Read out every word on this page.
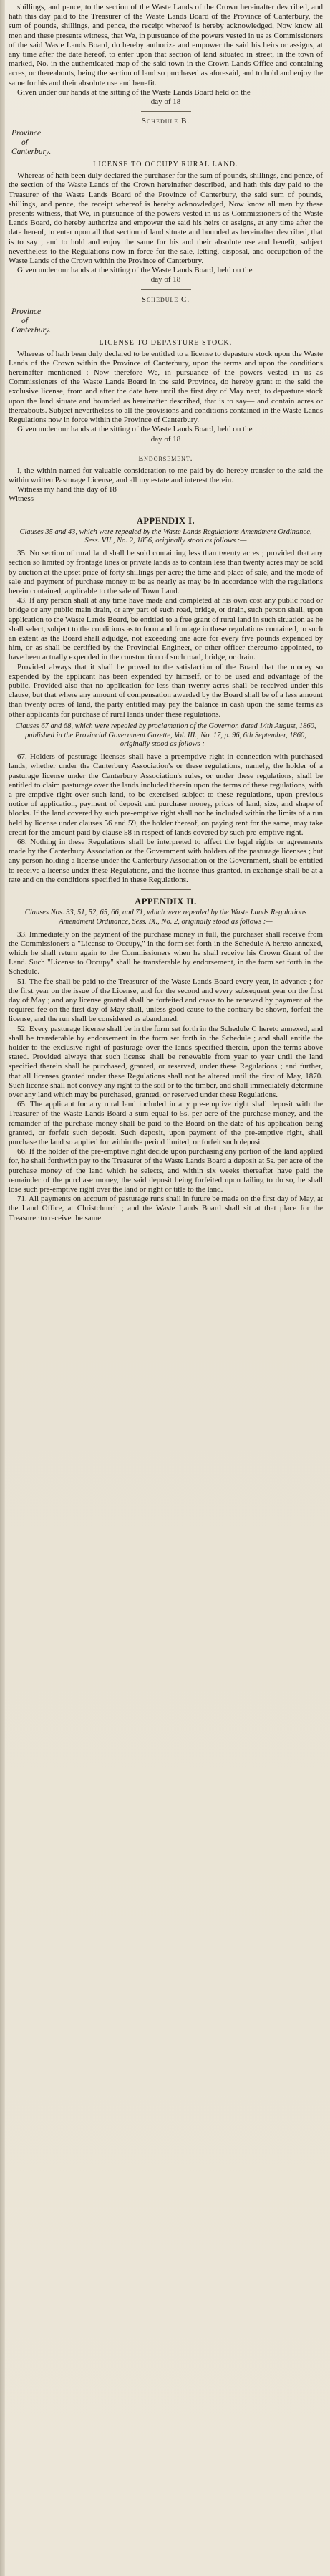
shillings, and pence, to the section of the Waste Lands of the Crown hereinafter described, and hath this day paid to the Treasurer of the Waste Lands Board of the Province of Canterbury, the sum of pounds, shillings, and pence, the receipt whereof is hereby acknowledged, Now know all men and these presents witness, that We, in pursuance of the powers vested in us as Commissioners of the said Waste Lands Board, do hereby authorize and empower the said his heirs or assigns, at any time after the date hereof, to enter upon that section of land situated in street, in the town of marked, No. in the authenticated map of the said town in the Crown Lands Office and containing acres, or thereabouts, being the section of land so purchased as aforesaid, and to hold and enjoy the same for his and their absolute use and benefit.

Given under our hands at the sitting of the Waste Lands Board held on the

day of 18

Schedule B.
Province
of
Canterbury.
LICENSE TO OCCUPY RURAL LAND.

Whereas of hath been duly declared the purchaser for the sum of pounds, shillings, and pence, of the section of the Waste Lands of the Crown hereinafter described, and hath this day paid to the Treasurer of the Waste Lands Board of the Province of Canterbury, the said sum of pounds, shillings, and pence, the receipt whereof is hereby acknowledged, Now know all men by these presents witness, that We, in pursuance of the powers vested in us as Commissioners of the Waste Lands Board, do hereby authorize and empower the said his heirs or assigns, at any time after the date hereof, to enter upon all that section of land situate and bounded as hereinafter described, that is to say ; and to hold and enjoy the same for his and their absolute use and benefit, subject nevertheless to the Regulations now in force for the sale, letting, disposal, and occupation of the Waste Lands of the Crown within the Province of Canterbury.

Given under our hands at the sitting of the Waste Lands Board, held on the

day of 18

Schedule C.
Province
of
Canterbury.
LICENSE TO DEPASTURE STOCK.

Whereas of hath been duly declared to be entitled to a license to depasture stock upon the Waste Lands of the Crown within the Province of Canterbury, upon the terms and upon the conditions hereinafter mentioned : Now therefore We, in pursuance of the powers vested in us as Commissioners of the Waste Lands Board in the said Province, do hereby grant to the said the exclusive license, from and after the date here until the first day of May next, to depasture stock upon the land situate and bounded as hereinafter described, that is to say— and contain acres or thereabouts. Subject nevertheless to all the provisions and conditions contained in the Waste Lands Regulations now in force within the Province of Canterbury.

Given under our hands at the sitting of the Waste Lands Board, held on the

day of 18

Endorsement.

I, the within-named for valuable consideration to me paid by do hereby transfer to the said the within written Pasturage License, and all my estate and interest therein.

Witness my hand this day of 18

Witness

APPENDIX I.
Clauses 35 and 43, which were repealed by the Waste Lands Regulations Amendment Ordinance, Sess. VII., No. 2, 1856, originally stood as follows :—

35. No section of rural land shall be sold containing less than twenty acres ; provided that any section so limited by frontage lines or private lands as to contain less than twenty acres may be sold by auction at the upset price of forty shillings per acre; the time and place of sale, and the mode of sale and payment of purchase money to be as nearly as may be in accordance with the regulations herein contained, applicable to the sale of Town Land.

43. If any person shall at any time have made and completed at his own cost any public road or bridge or any public main drain, or any part of such road, bridge, or drain, such person shall, upon application to the Waste Lands Board, be entitled to a free grant of rural land in such situation as he shall select, subject to the conditions as to form and frontage in these regulations contained, to such an extent as the Board shall adjudge, not exceeding one acre for every five pounds expended by him, or as shall be certified by the Provincial Engineer, or other officer thereunto appointed, to have been actually expended in the construction of such road, bridge, or drain.

Provided always that it shall be proved to the satisfaction of the Board that the money so expended by the applicant has been expended by himself, or to be used and advantage of the public. Provided also that no application for less than twenty acres shall be received under this clause, but that where any amount of compensation awarded by the Board shall be of a less amount than twenty acres of land, the party entitled may pay the balance in cash upon the same terms as other applicants for purchase of rural lands under these regulations.

Clauses 67 and 68, which were repealed by proclamation of the Governor, dated 14th August, 1860, published in the Provincial Government Gazette, Vol. III., No. 17, p. 96, 6th September, 1860, originally stood as follows :—

67. Holders of pasturage licenses shall have a preemptive right in connection with purchased lands, whether under the Canterbury Association's or these regulations, namely, the holder of a pasturage license under the Canterbury Association's rules, or under these regulations, shall be entitled to claim pasturage over the lands included therein upon the terms of these regulations, with a pre-emptive right over such land, to be exercised subject to these regulations, upon previous notice of application, payment of deposit and purchase money, prices of land, size, and shape of blocks. If the land covered by such pre-emptive right shall not be included within the limits of a run held by license under clauses 56 and 59, the holder thereof, on paying rent for the same, may take credit for the amount paid by clause 58 in respect of lands covered by such pre-emptive right.

68. Nothing in these Regulations shall be interpreted to affect the legal rights or agreements made by the Canterbury Association or the Government with holders of the pasturage licenses ; but any person holding a license under the Canterbury Association or the Government, shall be entitled to receive a license under these Regulations, and the license thus granted, in exchange shall be at a rate and on the conditions specified in these Regulations.

APPENDIX II.
Clauses Nos. 33, 51, 52, 65, 66, and 71, which were repealed by the Waste Lands Regulations Amendment Ordinance, Sess. IX., No. 2, originally stood as follows :—

33. Immediately on the payment of the purchase money in full, the purchaser shall receive from the Commissioners a "License to Occupy," in the form set forth in the Schedule A hereto annexed, which he shall return again to the Commissioners when he shall receive his Crown Grant of the Land. Such "License to Occupy" shall be transferable by endorsement, in the form set forth in the Schedule.

51. The fee shall be paid to the Treasurer of the Waste Lands Board every year, in advance ; for the first year on the issue of the License, and for the second and every subsequent year on the first day of May ; and any license granted shall be forfeited and cease to be renewed by payment of the required fee on the first day of May shall, unless good cause to the contrary be shown, forfeit the license, and the run shall be considered as abandoned.

52. Every pasturage license shall be in the form set forth in the Schedule C hereto annexed, and shall be transferable by endorsement in the form set forth in the Schedule ; and shall entitle the holder to the exclusive right of pasturage over the lands specified therein, upon the terms above stated. Provided always that such license shall be renewable from year to year until the land specified therein shall be purchased, granted, or reserved, under these Regulations ; and further, that all licenses granted under these Regulations shall not be altered until the first of May, 1870. Such license shall not convey any right to the soil or to the timber, and shall immediately determine over any land which may be purchased, granted, or reserved under these Regulations.

65. The applicant for any rural land included in any pre-emptive right shall deposit with the Treasurer of the Waste Lands Board a sum equal to 5s. per acre of the purchase money, and the remainder of the purchase money shall be paid to the Board on the date of his application being granted, or forfeit such deposit. Such deposit, upon payment of the pre-emptive right, shall purchase the land so applied for within the period limited, or forfeit such deposit.

66. If the holder of the pre-emptive right decide upon purchasing any portion of the land applied for, he shall forthwith pay to the Treasurer of the Waste Lands Board a deposit at 5s. per acre of the purchase money of the land which he selects, and within six weeks thereafter have paid the remainder of the purchase money, the said deposit being forfeited upon failing to do so, he shall lose such pre-emptive right over the land or right or title to the land.

71. All payments on account of pasturage runs shall in future be made on the first day of May, at the Land Office, at Christchurch ; and the Waste Lands Board shall sit at that place for the Treasurer to receive the same.
